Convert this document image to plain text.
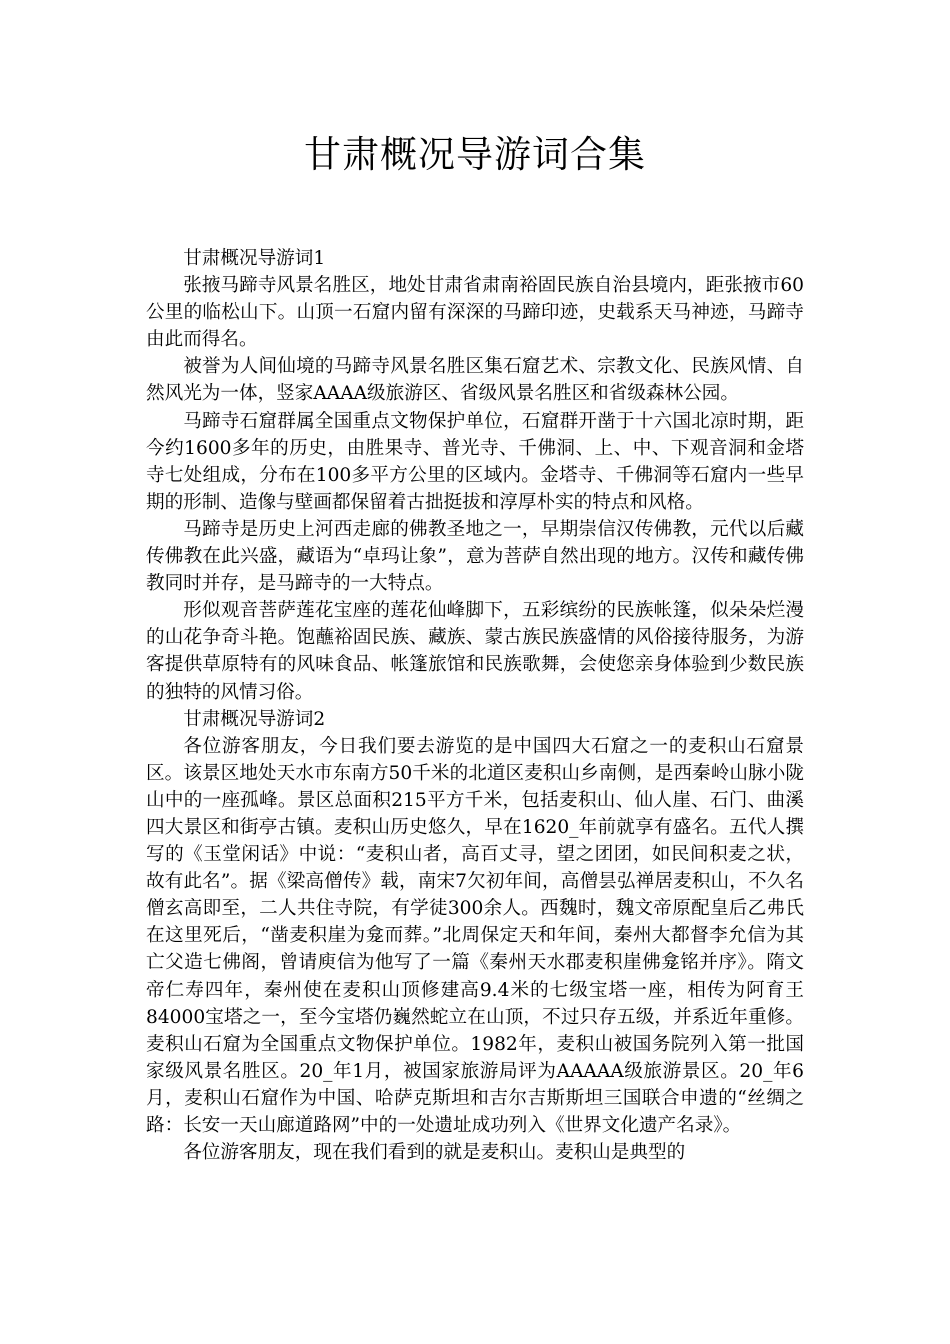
甘肃概况导游词合集

甘肃概况导游词1

张掖马蹄寺风景名胜区，地处甘肃省肃南裕固民族自治县境内，距张掖市60公里的临松山下。山顶一石窟内留有深深的马蹄印迹，史载系天马神迹，马蹄寺由此而得名。

被誉为人间仙境的马蹄寺风景名胜区集石窟艺术、宗教文化、民族风情、自然风光为一体，竖家AAAA级旅游区、省级风景名胜区和省级森林公园。

马蹄寺石窟群属全国重点文物保护单位，石窟群开凿于十六国北凉时期，距今约1600多年的历史，由胜果寺、普光寺、千佛洞、上、中、下观音洞和金塔寺七处组成，分布在100多平方公里的区域内。金塔寺、千佛洞等石窟内一些早期的形制、造像与壁画都保留着古拙挺拔和淳厚朴实的特点和风格。

马蹄寺是历史上河西走廊的佛教圣地之一，早期崇信汉传佛教，元代以后藏传佛教在此兴盛，藏语为“卓玛让象”，意为菩萨自然出现的地方。汉传和藏传佛教同时并存，是马蹄寺的一大特点。

形似观音菩萨莲花宝座的莲花仙峰脚下，五彩缤纷的民族帐篷，似朵朵烂漫的山花争奇斗艳。饱蘸裕固民族、藏族、蒙古族民族盛情的风俗接待服务，为游客提供草原特有的风味食品、帐篷旅馆和民族歌舞，会使您亲身体验到少数民族的独特的风情习俗。

甘肃概况导游词2

各位游客朋友，今日我们要去游览的是中国四大石窟之一的麦积山石窟景区。该景区地处天水市东南方50千米的北道区麦积山乡南侧，是西秦岭山脉小陇山中的一座孤峰。景区总面积215平方千米，包括麦积山、仙人崖、石门、曲溪四大景区和街亭古镇。麦积山历史悠久，早在1620_年前就享有盛名。五代人撰写的《玉堂闲话》中说：“麦积山者，高百丈寻，望之团团，如民间积麦之状，故有此名”。据《梁高僧传》载，南宋7欠初年间，高僧昙弘禅居麦积山，不久名僧玄高即至，二人共住寺院，有学徒300余人。西魏时，魏文帝原配皇后乙弗氏在这里死后，“凿麦积崖为龛而葬。”北周保定天和年间，秦州大都督李允信为其亡父造七佛阁，曾请庾信为他写了一篇《秦州天水郡麦积崖佛龛铭并序》。隋文帝仁寿四年，秦州使在麦积山顶修建高9.4米的七级宝塔一座，相传为阿育王84000宝塔之一，至今宝塔仍巍然蛇立在山顶，不过只存五级，并系近年重修。麦积山石窟为全国重点文物保护单位。1982年，麦积山被国务院列入第一批国家级风景名胜区。20_年1月，被国家旅游局评为AAAAA级旅游景区。20_年6月，麦积山石窟作为中国、哈萨克斯坦和吉尔吉斯斯坦三国联合申遗的“丝绸之路：长安一天山廊道路网”中的一处遗址成功列入《世界文化遗产名录》。

各位游客朋友，现在我们看到的就是麦积山。麦积山是典型的
